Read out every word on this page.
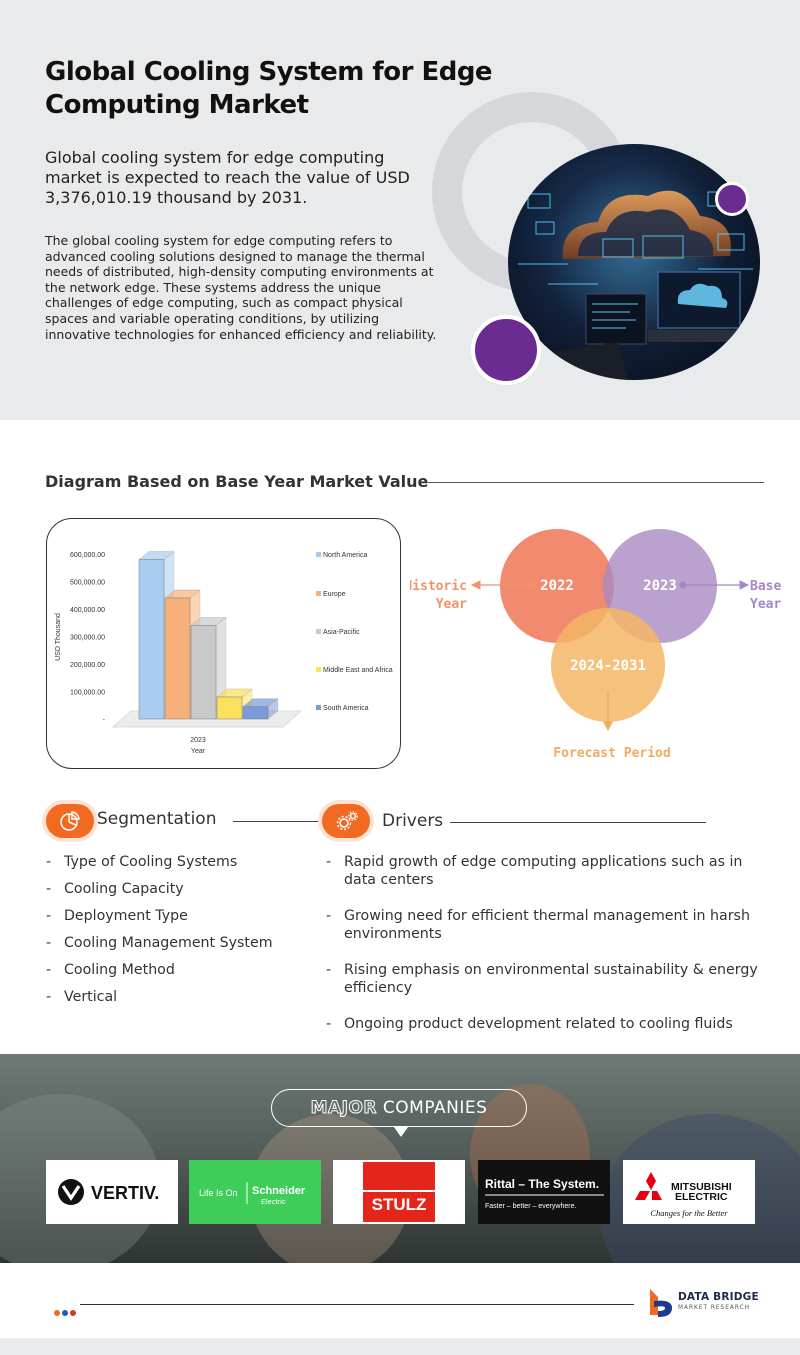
Global Cooling System for Edge Computing Market

Global cooling system for edge computing market is expected to reach the value of USD 3,376,010.19 thousand by 2031.

The global cooling system for edge computing refers to advanced cooling solutions designed to manage the thermal needs of distributed, high-density computing environments at the network edge. These systems address the unique challenges of edge computing, such as compact physical spaces and variable operating conditions, by utilizing innovative technologies for enhanced efficiency and reliability.

Diagram Based on Base Year Market Value
-
100,000.00
200,000.00
300,000.00
400,000.00
500,000.00
600,000.00
2023
Year
USD Thousand
North America
Europe
Asia-Pacific
Middle East and Africa
South America
2022	2023
2024-2031
Historic
Year
Base
Year
Forecast Period
Segmentation
- Type of Cooling Systems
- Cooling Capacity
- Deployment Type
- Cooling Management System
- Cooling Method
- Vertical
Drivers
- Rapid growth of edge computing applications such as in data centers
- Growing need for efficient thermal management in harsh environments
- Rising emphasis on environmental sustainability & energy efficiency
- Ongoing product development related to cooling fluids
MAJOR COMPANIES
VERTIV.	Life Is On Schneider
Electric	STULZ
Rittal – The System.
Faster – better – everywhere.
MITSUBISHI
ELECTRIC
Changes for the Better
DATA BRIDGE
MARKET RESEARCH
